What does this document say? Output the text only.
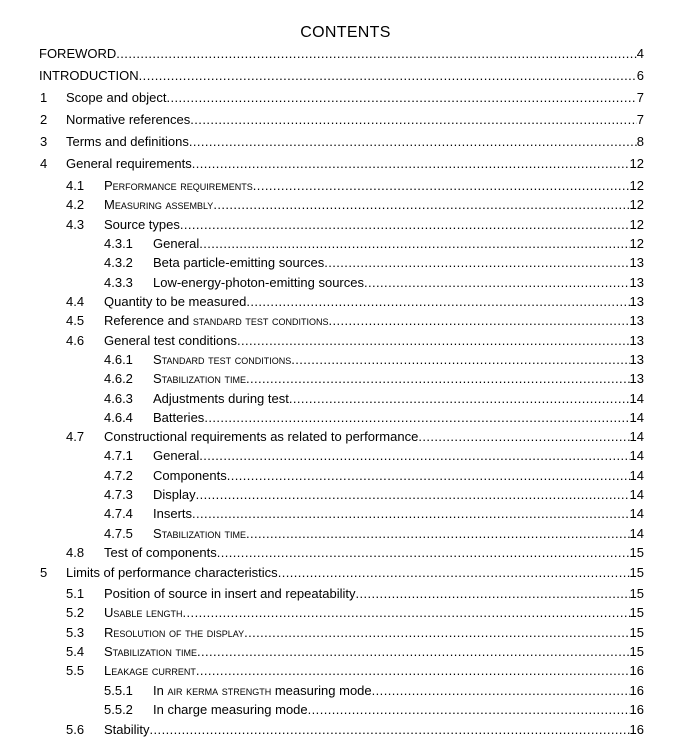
CONTENTS
FOREWORD .....	4
INTRODUCTION .....	6
1 Scope and object .....	7
2 Normative references .....	7
3 Terms and definitions .....	8
4 General requirements .....	12
4.1 Performance requirements .....	12
4.2 Measuring assembly .....	12
4.3 Source types .....	12
4.3.1 General .....	12
4.3.2 Beta particle-emitting sources .....	13
4.3.3 Low-energy-photon-emitting sources .....	13
4.4 Quantity to be measured .....	13
4.5 Reference and standard test conditions .....	13
4.6 General test conditions .....	13
4.6.1 Standard test conditions .....	13
4.6.2 Stabilization time .....	13
4.6.3 Adjustments during test .....	14
4.6.4 Batteries .....	14
4.7 Constructional requirements as related to performance .....	14
4.7.1 General .....	14
4.7.2 Components .....	14
4.7.3 Display .....	14
4.7.4 Inserts .....	14
4.7.5 Stabilization time .....	14
4.8 Test of components .....	15
5 Limits of performance characteristics .....	15
5.1 Position of source in insert and repeatability .....	15
5.2 Usable length .....	15
5.3 Resolution of the display .....	15
5.4 Stabilization time .....	15
5.5 Leakage current .....	16
5.5.1 In air kerma strength measuring mode .....	16
5.5.2 In charge measuring mode .....	16
5.6 Stability .....	16
